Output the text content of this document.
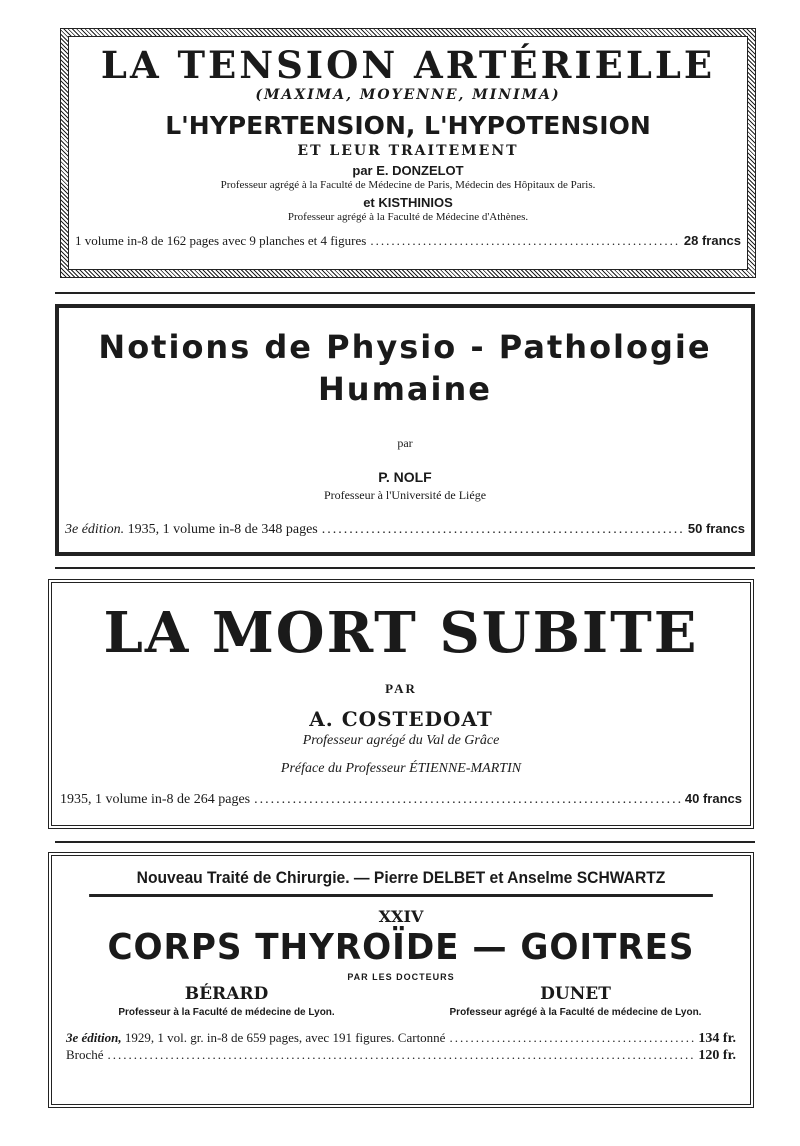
LA TENSION ARTÉRIELLE
(MAXIMA, MOYENNE, MINIMA)
L'HYPERTENSION, L'HYPOTENSION
ET LEUR TRAITEMENT
par E. DONZELOT
Professeur agrégé à la Faculté de Médecine de Paris, Médecin des Hôpitaux de Paris.
et KISTHINIOS
Professeur agrégé à la Faculté de Médecine d'Athènes.
1 volume in-8 de 162 pages avec 9 planches et 4 figures .....	28 francs
Notions de Physio - Pathologie
Humaine
par
P. NOLF
Professeur à l'Université de Liége
3e édition.
1935, 1 volume in-8 de 348 pages .....	50 francs
LA MORT SUBITE
PAR
A. COSTEDOAT
Professeur agrégé du Val de Grâce
Préface du Professeur ÉTIENNE-MARTIN
1935, 1 volume in-8 de 264 pages .....	40 francs
Nouveau Traité de Chirurgie. — Pierre DELBET et Anselme SCHWARTZ
XXIV
CORPS THYROÏDE — GOITRES
PAR LES DOCTEURS
BÉRARD
Professeur à la Faculté de médecine de Lyon.
DUNET
Professeur agrégé à la Faculté de médecine de Lyon.
3e édition,
1929, 1 vol. gr. in-8 de 659 pages, avec 191 figures. Cartonné .....	134 fr.
Broché .....	120 fr.
